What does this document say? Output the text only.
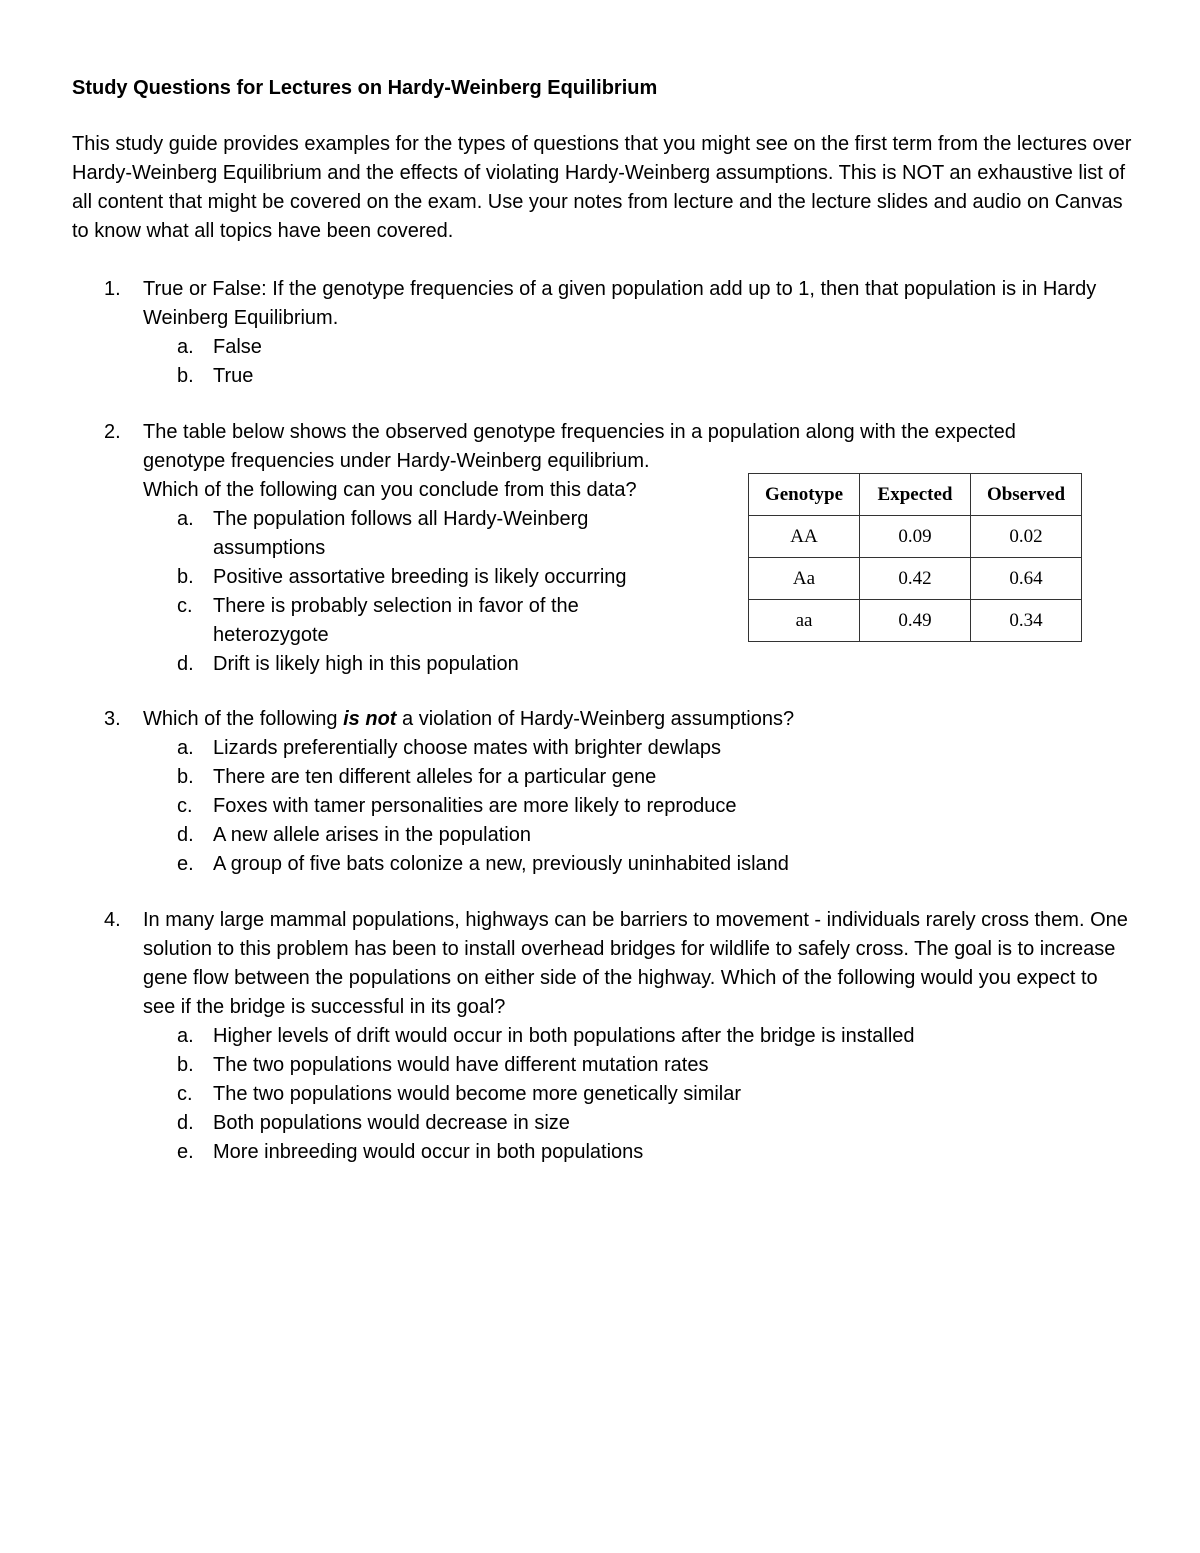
Study Questions for Lectures on Hardy-Weinberg Equilibrium
This study guide provides examples for the types of questions that you might see on the first term from the lectures over Hardy-Weinberg Equilibrium and the effects of violating Hardy-Weinberg assumptions. This is NOT an exhaustive list of all content that might be covered on the exam. Use your notes from lecture and the lecture slides and audio on Canvas to know what all topics have been covered.
1.	True or False: If the genotype frequencies of a given population add up to 1, then that population is in Hardy Weinberg Equilibrium.
a. False
b. True
2.	The table below shows the observed genotype frequencies in a population along with the expected
genotype frequencies under Hardy-Weinberg equilibrium.
Which of the following can you conclude from this data?
a. The population follows all Hardy-Weinberg assumptions
b. Positive assortative breeding is likely occurring
c. There is probably selection in favor of the heterozygote
d. Drift is likely high in this population
Genotype	Expected	Observed
AA	0.09	0.02
Aa	0.42	0.64
aa	0.49	0.34
3.	Which of the following is not a violation of Hardy-Weinberg assumptions?
a. Lizards preferentially choose mates with brighter dewlaps
b. There are ten different alleles for a particular gene
c. Foxes with tamer personalities are more likely to reproduce
d. A new allele arises in the population
e. A group of five bats colonize a new, previously uninhabited island
4.	In many large mammal populations, highways can be barriers to movement - individuals rarely cross them. One solution to this problem has been to install overhead bridges for wildlife to safely cross. The goal is to increase gene flow between the populations on either side of the highway. Which of the following would you expect to see if the bridge is successful in its goal?
a. Higher levels of drift would occur in both populations after the bridge is installed
b. The two populations would have different mutation rates
c. The two populations would become more genetically similar
d. Both populations would decrease in size
e. More inbreeding would occur in both populations
